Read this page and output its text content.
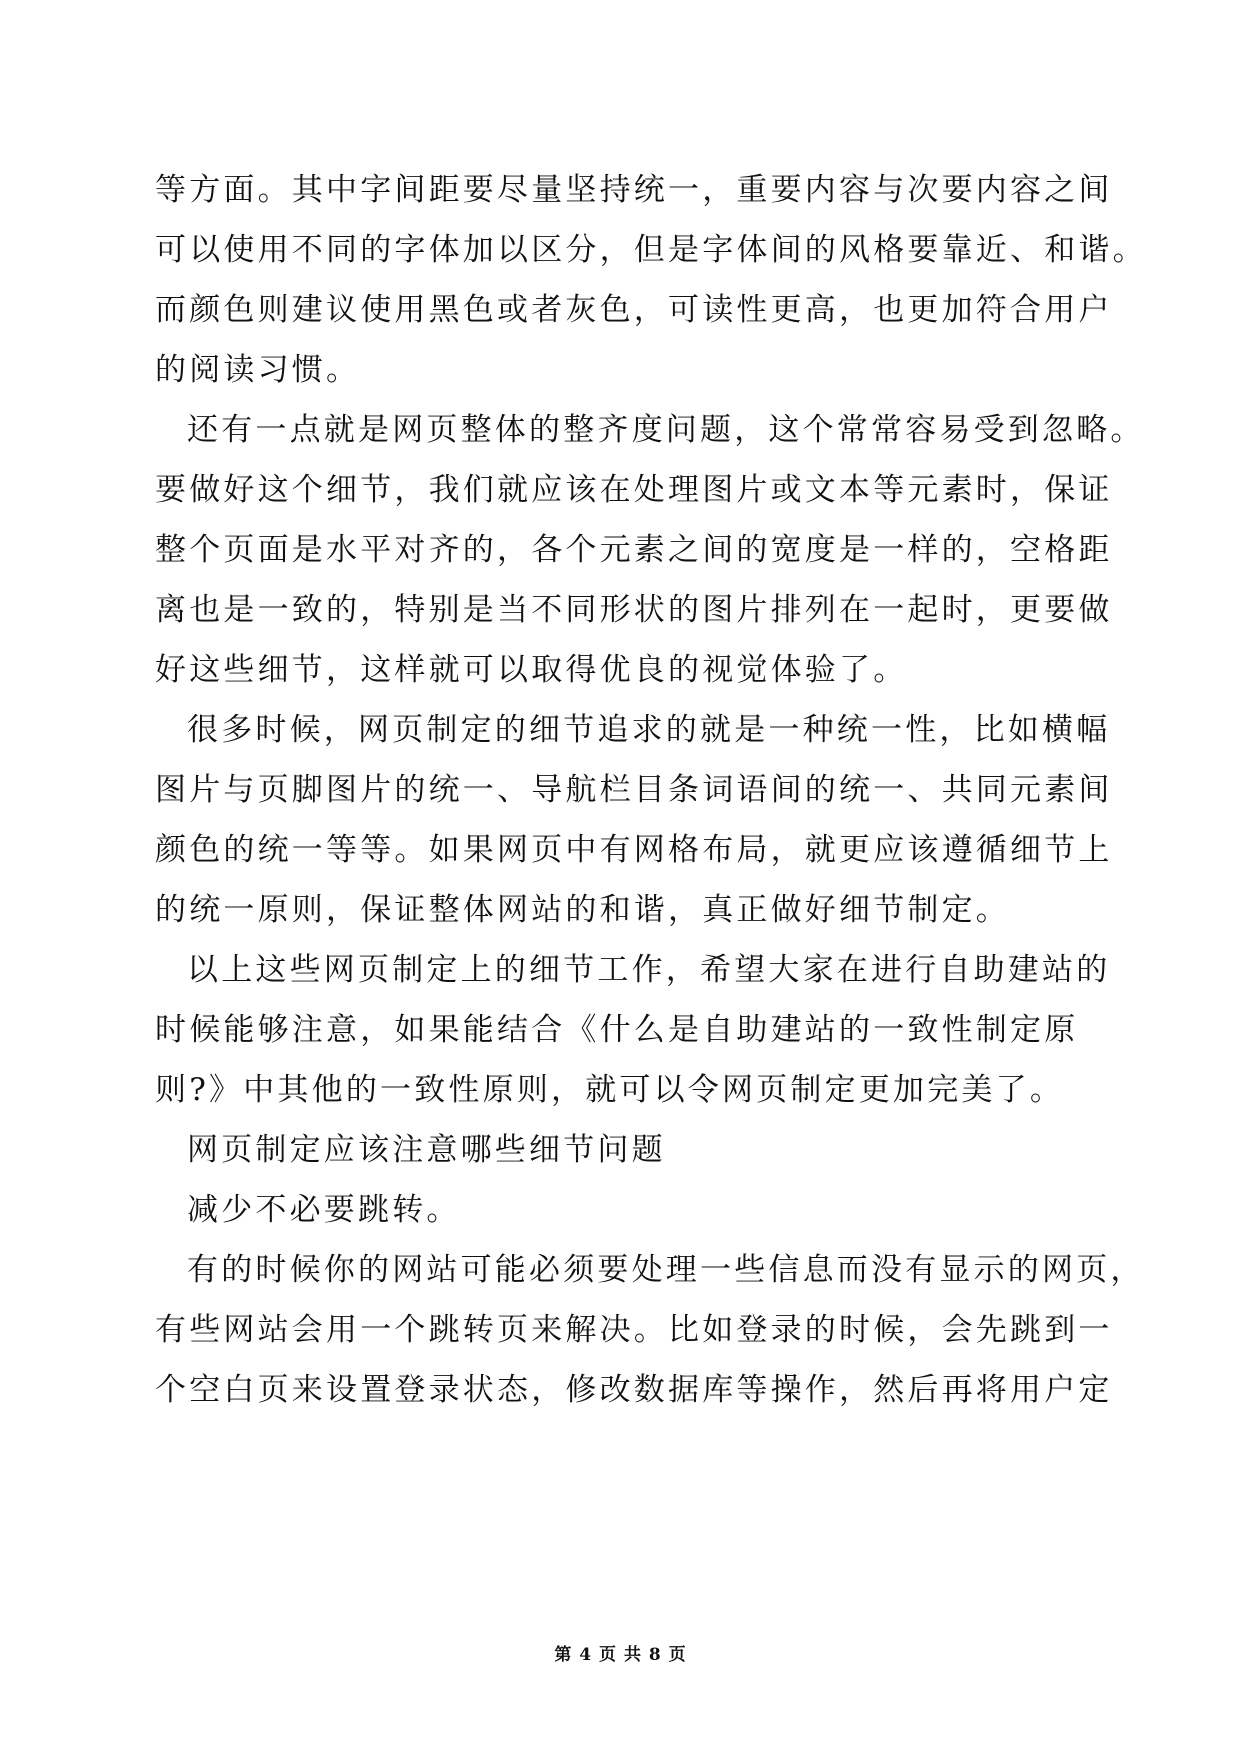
等方面。其中字间距要尽量坚持统一，重要内容与次要内容之间
可以使用不同的字体加以区分，但是字体间的风格要靠近、和谐。
而颜色则建议使用黑色或者灰色，可读性更高，也更加符合用户
的阅读习惯。
还有一点就是网页整体的整齐度问题，这个常常容易受到忽略。
要做好这个细节，我们就应该在处理图片或文本等元素时，保证
整个页面是水平对齐的，各个元素之间的宽度是一样的，空格距
离也是一致的，特别是当不同形状的图片排列在一起时，更要做
好这些细节，这样就可以取得优良的视觉体验了。
很多时候，网页制定的细节追求的就是一种统一性，比如横幅
图片与页脚图片的统一、导航栏目条词语间的统一、共同元素间
颜色的统一等等。如果网页中有网格布局，就更应该遵循细节上
的统一原则，保证整体网站的和谐，真正做好细节制定。
以上这些网页制定上的细节工作，希望大家在进行自助建站的
时候能够注意，如果能结合《什么是自助建站的一致性制定原
则?》中其他的一致性原则，就可以令网页制定更加完美了。
网页制定应该注意哪些细节问题
减少不必要跳转。
有的时候你的网站可能必须要处理一些信息而没有显示的网页，
有些网站会用一个跳转页来解决。比如登录的时候，会先跳到一
个空白页来设置登录状态，修改数据库等操作，然后再将用户定
第 4 页 共 8 页
